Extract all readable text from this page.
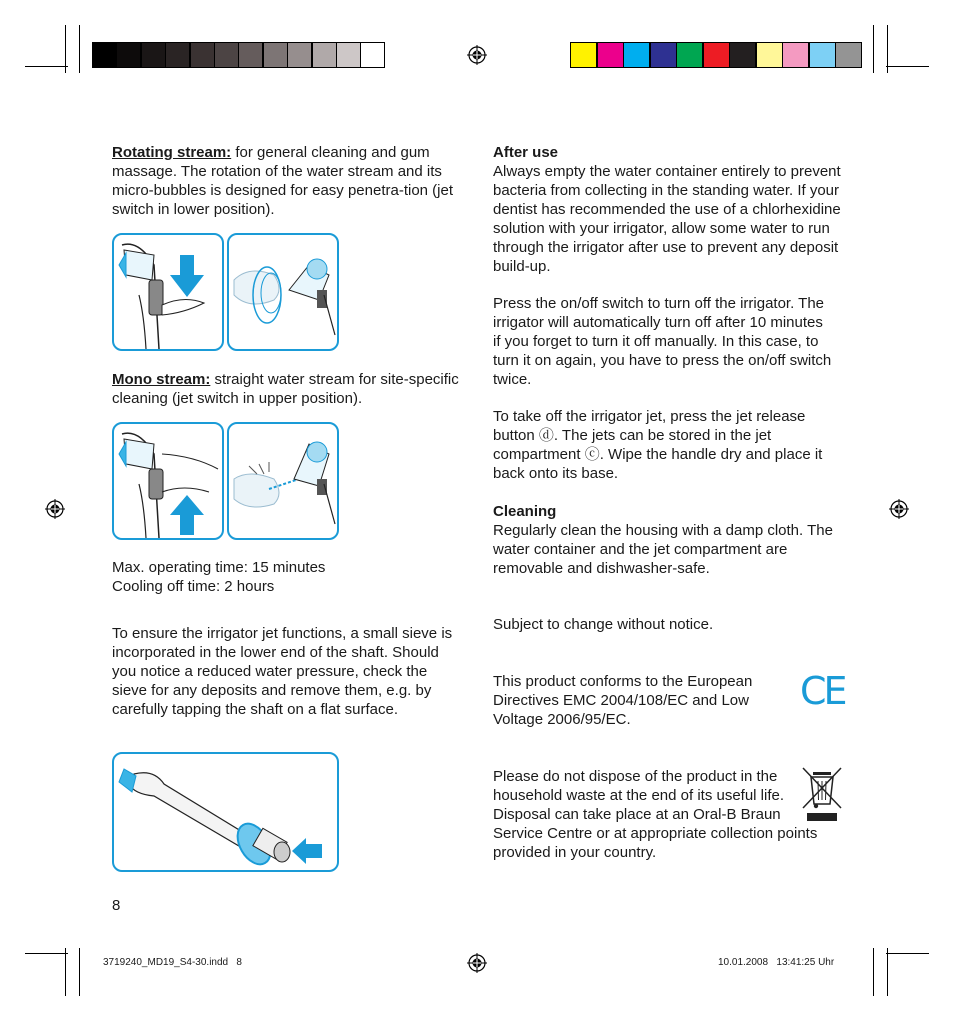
Rotating stream: for general cleaning and gum massage. The rotation of the water stream and its micro-bubbles is designed for easy penetra-tion (jet switch in lower position).
Mono stream: straight water stream for site-specific cleaning (jet switch in upper position).
Max. operating time: 15 minutes
Cooling off time: 2 hours
To ensure the irrigator jet functions, a small sieve is incorporated in the lower end of the shaft. Should you notice a reduced water pressure, check the sieve for any deposits and remove them, e.g. by carefully tapping the shaft on a flat surface.
8
After use
Always empty the water container entirely to prevent bacteria from collecting in the standing water. If your dentist has recommended the use of a chlorhexidine solution with your irrigator, allow some water to run through the irrigator after use to prevent any deposit build-up.
Press the on/off switch to turn off the irrigator. The irrigator will automatically turn off after 10 minutes if you forget to turn it off manually. In this case, to turn it on again, you have to press the on/off switch twice.
To take off the irrigator jet, press the jet release button ⓓ. The jets can be stored in the jet compartment ⓒ. Wipe the handle dry and place it back onto its base.
Cleaning
Regularly clean the housing with a damp cloth. The water container and the jet compartment are removable and dishwasher-safe.
Subject to change without notice.
This product conforms to the European Directives EMC 2004/108/EC and Low Voltage 2006/95/EC.
CE
Please do not dispose of the product in the household waste at the end of its useful life. Disposal can take place at an Oral-B Braun Service Centre or at appropriate collection points provided in your country.
3719240_MD19_S4-30.indd   8	10.01.2008   13:41:25 Uhr
